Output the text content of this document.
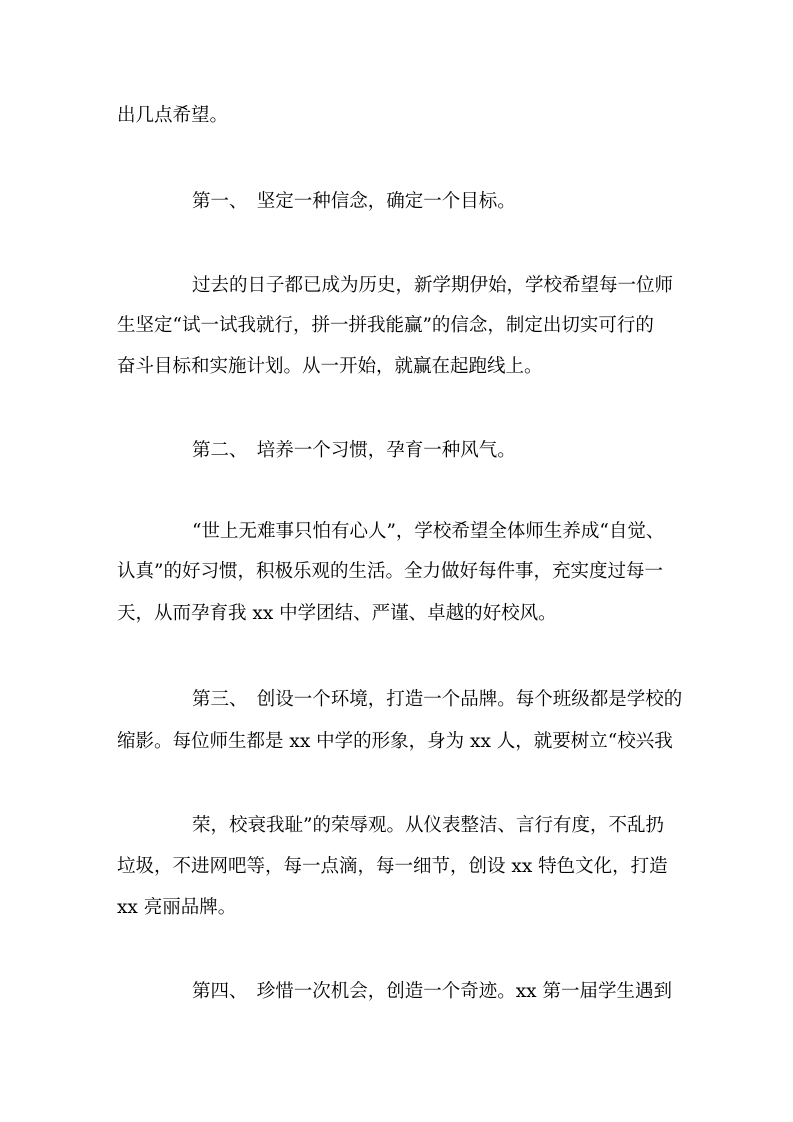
出几点希望。
第一、　坚定一种信念，确定一个目标。
过去的日子都已成为历史，新学期伊始，学校希望每一位师
生坚定“试一试我就行，拼一拼我能赢”的信念，制定出切实可行的
奋斗目标和实施计划。从一开始，就赢在起跑线上。
第二、　培养一个习惯，孕育一种风气。
“世上无难事只怕有心人”，学校希望全体师生养成“自觉、
认真”的好习惯，积极乐观的生活。全力做好每件事，充实度过每一
天，从而孕育我 xx 中学团结、严谨、卓越的好校风。
第三、　创设一个环境，打造一个品牌。每个班级都是学校的
缩影。每位师生都是 xx 中学的形象，身为 xx 人，就要树立“校兴我
荣，校衰我耻”的荣辱观。从仪表整洁、言行有度，不乱扔
垃圾，不进网吧等，每一点滴，每一细节，创设 xx 特色文化，打造
xx 亮丽品牌。
第四、　珍惜一次机会，创造一个奇迹。xx 第一届学生遇到
